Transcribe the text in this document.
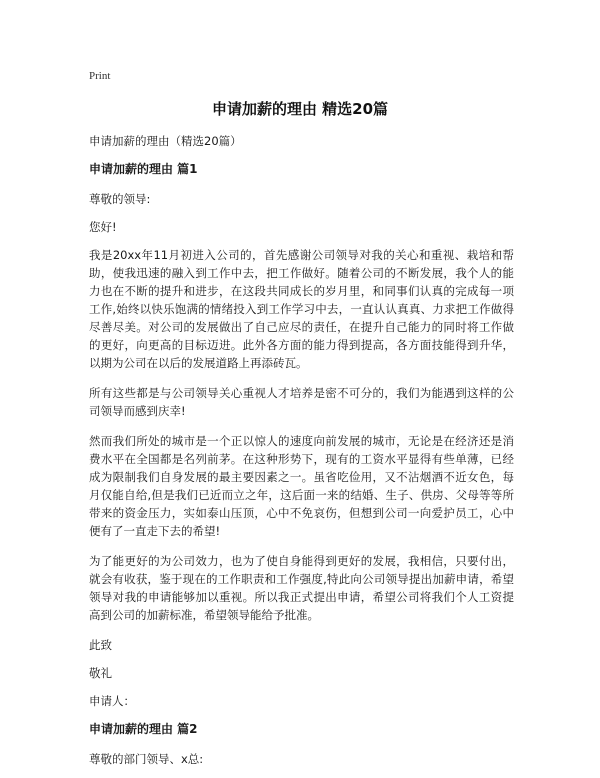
Print
申请加薪的理由 精选20篇

申请加薪的理由（精选20篇）

申请加薪的理由 篇1

尊敬的领导:

您好!

我是20xx年11月初进入公司的，首先感谢公司领导对我的关心和重视、栽培和帮助，使我迅速的融入到工作中去，把工作做好。随着公司的不断发展，我个人的能力也在不断的提升和进步，在这段共同成长的岁月里，和同事们认真的完成每一项工作,始终以快乐饱满的情绪投入到工作学习中去，一直认认真真、力求把工作做得尽善尽美。对公司的发展做出了自己应尽的责任，在提升自己能力的同时将工作做的更好，向更高的目标迈进。此外各方面的能力得到提高，各方面技能得到升华，以期为公司在以后的发展道路上再添砖瓦。

所有这些都是与公司领导关心重视人才培养是密不可分的，我们为能遇到这样的公司领导而感到庆幸!

然而我们所处的城市是一个正以惊人的速度向前发展的城市，无论是在经济还是消费水平在全国都是名列前茅。在这种形势下，现有的工资水平显得有些单薄，已经成为限制我们自身发展的最主要因素之一。虽省吃俭用，又不沾烟酒不近女色，每月仅能自给,但是我们已近而立之年，这后面一来的结婚、生子、供房、父母等等所带来的资金压力，实如泰山压顶，心中不免哀伤，但想到公司一向爱护员工，心中便有了一直走下去的希望!

为了能更好的为公司效力，也为了使自身能得到更好的发展，我相信，只要付出，就会有收获，鉴于现在的工作职责和工作强度,特此向公司领导提出加薪申请，希望领导对我的申请能够加以重视。所以我正式提出申请，希望公司将我们个人工资提高到公司的加薪标准，希望领导能给予批准。

此致

敬礼

申请人：

申请加薪的理由 篇2

尊敬的部门领导、x总:
